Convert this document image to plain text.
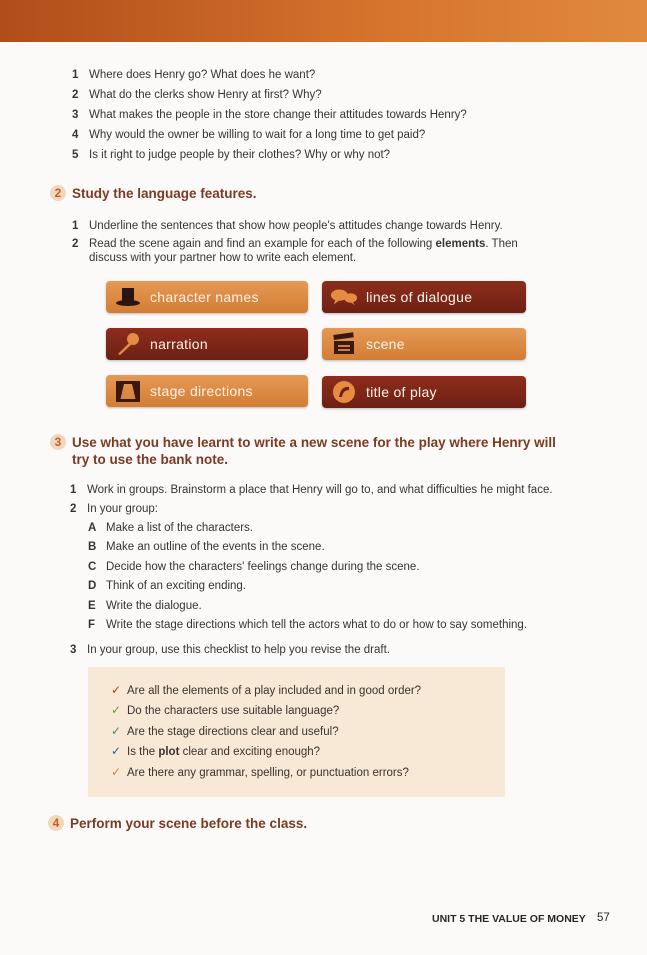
1 Where does Henry go? What does he want?
2 What do the clerks show Henry at first? Why?
3 What makes the people in the store change their attitudes towards Henry?
4 Why would the owner be willing to wait for a long time to get paid?
5 Is it right to judge people by their clothes? Why or why not?
2 Study the language features.
1 Underline the sentences that show how people's attitudes change towards Henry.
2 Read the scene again and find an example for each of the following elements. Then
discuss with your partner how to write each element.
character names	lines of dialogue
narration	scene
stage directions	title of play
3 Use what you have learnt to write a new scene for the play where Henry will
try to use the bank note.
1 Work in groups. Brainstorm a place that Henry will go to, and what difficulties he might face.
2 In your group:
A Make a list of the characters.
B Make an outline of the events in the scene.
C Decide how the characters' feelings change during the scene.
D Think of an exciting ending.
E Write the dialogue.
F Write the stage directions which tell the actors what to do or how to say something.
3 In your group, use this checklist to help you revise the draft.
✓ Are all the elements of a play included and in good order?
✓ Do the characters use suitable language?
✓ Are the stage directions clear and useful?
✓ Is the plot clear and exciting enough?
✓ Are there any grammar, spelling, or punctuation errors?
4 Perform your scene before the class.
UNIT 5 THE VALUE OF MONEY 57
